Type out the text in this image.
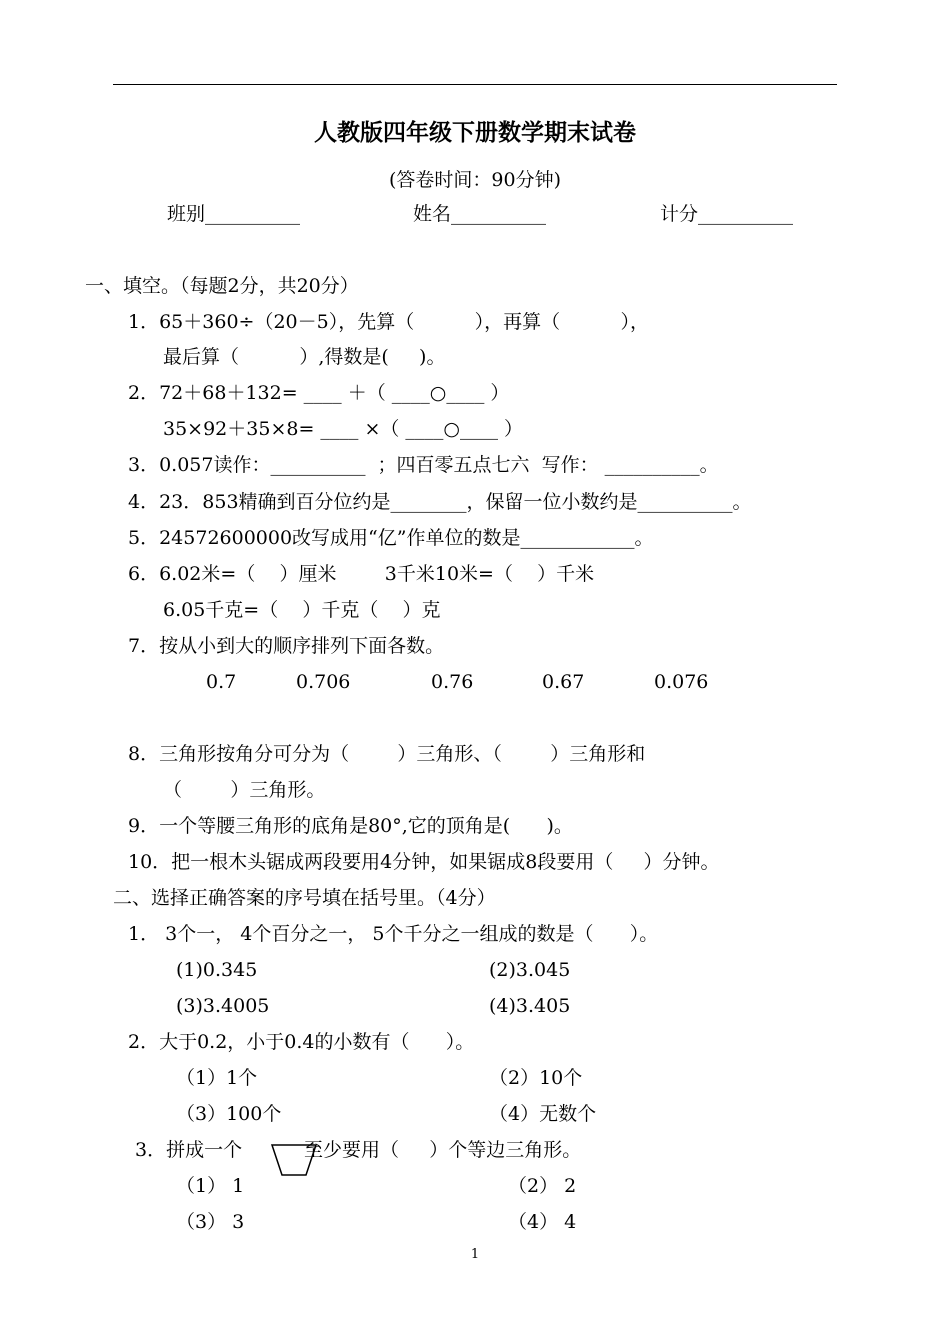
人教版四年级下册数学期末试卷
(答卷时间：90分钟)
班别__________	姓名__________	计分__________
一、填空。（每题2分，共20分）
1．65＋360÷（20－5），先算（          ），再算（          ），
最后算（          ）,得数是(     )。
2．72＋68＋132= ____ ＋（ ____○____ ）
35×92＋35×8= ____ ×（ ____○____ ）
3．0.057读作：__________  ；四百零五点七六  写作： __________。
4．23．853精确到百分位约是________，保留一位小数约是__________。
5．24572600000改写成用“亿”作单位的数是____________。
6．6.02米=（    ）厘米        3千米10米=（    ）千米
6.05千克=（    ）千克（    ）克
7．按从小到大的顺序排列下面各数。
0.7	0.706	0.76	0.67	0.076
8．三角形按角分可分为（        ）三角形、（        ）三角形和
（        ）三角形。
9．一个等腰三角形的底角是80°,它的顶角是(      )。
10．把一根木头锯成两段要用4分钟，如果锯成8段要用（     ）分钟。
二、选择正确答案的序号填在括号里。（4分）
1． 3个一， 4个百分之一， 5个千分之一组成的数是（      ）。
(1)0.345	(2)3.045
(3)3.4005	(4)3.405
2．大于0.2，小于0.4的小数有（      ）。
（1）1个	（2）10个
（3）100个	（4）无数个
3．拼成一个	至少要用（     ）个等边三角形。
（1） 1	（2） 2
（3） 3	（4） 4
1
